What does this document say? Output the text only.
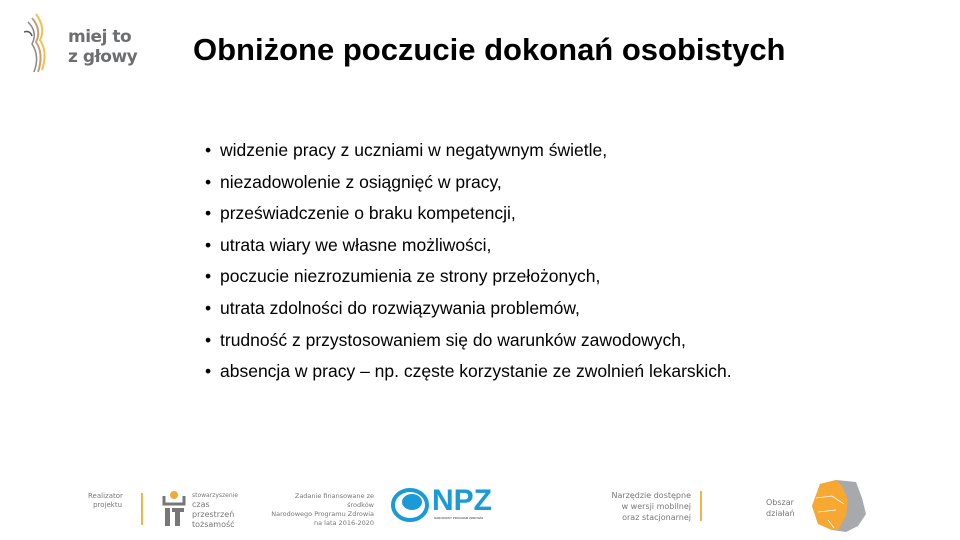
miej to
z głowy Obniżone poczucie dokonań osobistych
• widzenie pracy z uczniami w negatywnym świetle,
• niezadowolenie z osiągnięć w pracy,
• przeświadczenie o braku kompetencji,
• utrata wiary we własne możliwości,
• poczucie niezrozumienia ze strony przełożonych,
• utrata zdolności do rozwiązywania problemów,
• trudność z przystosowaniem się do warunków zawodowych,
• absencja w pracy – np. częste korzystanie ze zwolnień lekarskich.
Realizator projektu
stowarzyszenie
czas
przestrzeń
tożsamość
Zadanie finansowane ze środków
Narodowego Programu Zdrowia
na lata 2016-2020
NPZ
NARODOWY PROGRAM ZDROWIA
Narzędzie dostępne
w wersji mobilnej
oraz stacjonarnej
Obszar
działań
